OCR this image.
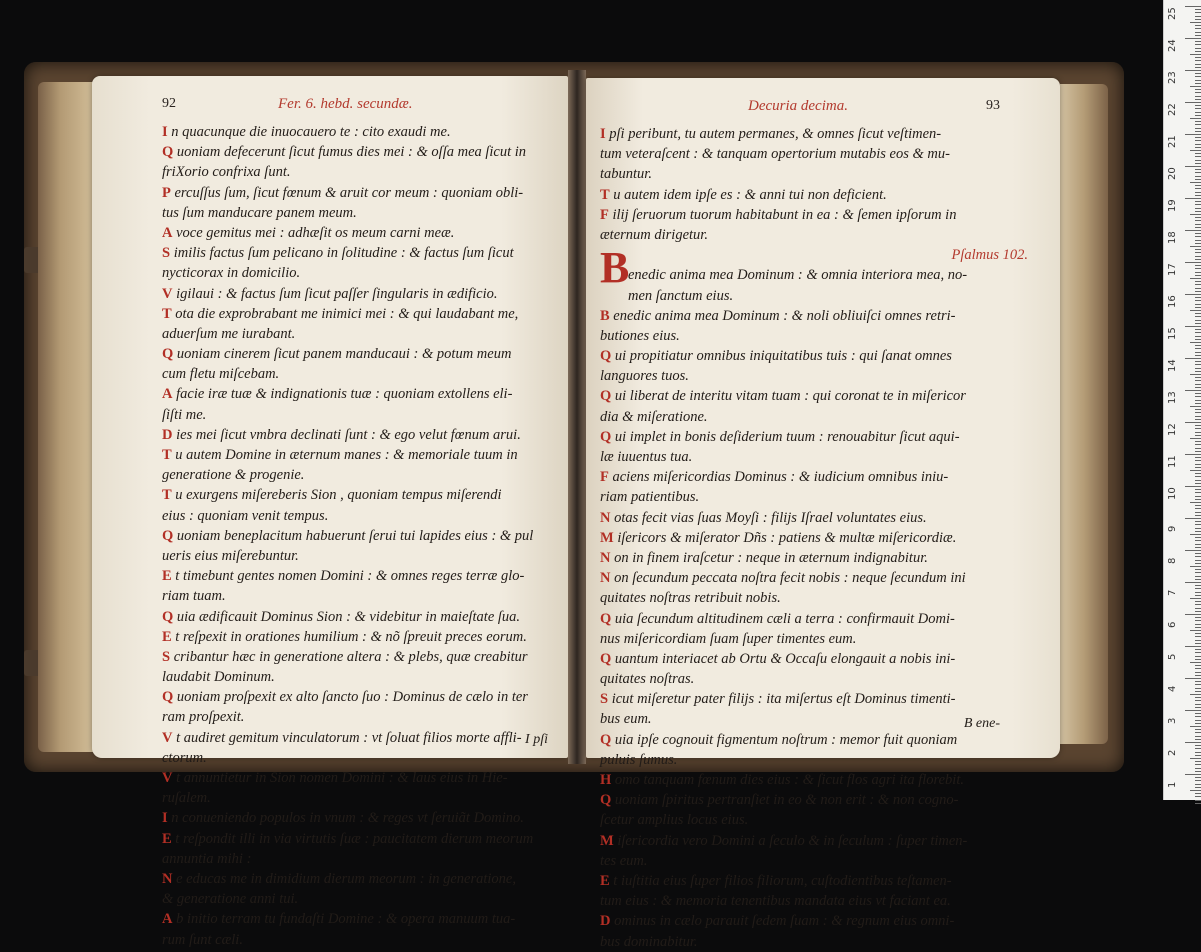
92	Fer. 6. hebd. secundæ.
I n quacunque die inuocauero te : cito exaudi me.
Q uoniam defecerunt ſicut fumus dies mei : & oſſa mea ſicut in
friXorio confrixa ſunt.
P ercuſſus ſum, ſicut fœnum & aruit cor meum : quoniam obli-
tus ſum manducare panem meum.
A voce gemitus mei : adhæſit os meum carni meæ.
S imilis factus ſum pelicano in ſolitudine : & factus ſum ſicut
nycticorax in domicilio.
V igilaui : & factus ſum ſicut paſſer ſingularis in ædificio.
T ota die exprobrabant me inimici mei : & qui laudabant me,
aduerſum me iurabant.
Q uoniam cinerem ſicut panem manducaui : & potum meum
cum fletu miſcebam.
A facie iræ tuæ & indignationis tuæ : quoniam extollens eli-
ſiſti me.
D ies mei ſicut vmbra declinati ſunt : & ego velut fœnum arui.
T u autem Domine in æternum manes : & memoriale tuum in
generatione & progenie.
T u exurgens miſereberis Sion , quoniam tempus miſerendi
eius : quoniam venit tempus.
Q uoniam beneplacitum habuerunt ſerui tui lapides eius : & pul
ueris eius miſerebuntur.
E t timebunt gentes nomen Domini : & omnes reges terræ glo-
riam tuam.
Q uia ædificauit Dominus Sion : & videbitur in maieſtate ſua.
E t reſpexit in orationes humilium : & nõ ſpreuit preces eorum.
S cribantur hæc in generatione altera : & plebs, quæ creabitur
laudabit Dominum.
Q uoniam proſpexit ex alto ſancto ſuo : Dominus de cælo in ter
ram proſpexit.
V t audiret gemitum vinculatorum : vt ſoluat filios morte affli-
ctorum.
V t annuntietur in Sion nomen Domini : & laus eius in Hie-
ruſalem.
I n conueniendo populos in vnum : & reges vt ſeruiãt Domino.
E t reſpondit illi in via virtutis ſuæ : paucitatem dierum meorum
annuntia mihi :
N e educas me in dimidium dierum meorum : in generatione,
& generatione anni tui.
A b initio terram tu fundaſti Domine : & opera manuum tua-
rum ſunt cæli.
I pſi
Decuria decima.	93
I pſi peribunt, tu autem permanes, & omnes ſicut veſtimen-
tum veteraſcent : & tanquam opertorium mutabis eos & mu-
tabuntur.
T u autem idem ipſe es : & anni tui non deficient.
F ilij ſeruorum tuorum habitabunt in ea : & ſemen ipſorum in
æternum dirigetur.
Pſalmus 102.
enedic anima mea Dominum : & omnia interiora mea, no-
men ſanctum eius.
B enedic anima mea Dominum : & noli obliuiſci omnes retri-
butiones eius.
Q ui propitiatur omnibus iniquitatibus tuis : qui ſanat omnes
languores tuos.
Q ui liberat de interitu vitam tuam : qui coronat te in miſericor
dia & miſeratione.
Q ui implet in bonis deſiderium tuum : renouabitur ſicut aqui-
læ iuuentus tua.
F aciens miſericordias Dominus : & iudicium omnibus iniu-
riam patientibus.
N otas fecit vias ſuas Moyſi : filijs Iſrael voluntates eius.
M iſericors & miſerator Dñs : patiens & multæ miſericordiæ.
N on in finem iraſcetur : neque in æternum indignabitur.
N on ſecundum peccata noſtra fecit nobis : neque ſecundum ini
quitates noſtras retribuit nobis.
Q uia ſecundum altitudinem cæli a terra : confirmauit Domi-
nus miſericordiam ſuam ſuper timentes eum.
Q uantum interiacet ab Ortu & Occaſu elongauit a nobis ini-
quitates noſtras.
S icut miſeretur pater filijs : ita miſertus eſt Dominus timenti-
bus eum.
Q uia ipſe cognouit figmentum noſtrum : memor fuit quoniam
puluis ſumus.
H omo tanquam fœnum dies eius : & ſicut flos agri ita florebit.
Q uoniam ſpiritus pertranſiet in eo & non erit : & non cogno-
ſcetur amplius locus eius.
M iſericordia vero Domini a ſeculo & in ſeculum : ſuper timen-
tes eum.
E t iuſtitia eius ſuper filios filiorum, cuſtodientibus teſtamen-
tum eius : & memoria tenentibus mandata eius vt faciant ea.
D ominus in cælo parauit ſedem ſuam : & regnum eius omni-
bus dominabitur.
B
B ene-
25
24
23
22
21
20
19
18
17
16
15
14
13
12
11
10
9
8
7
6
5
4
3
2
1
